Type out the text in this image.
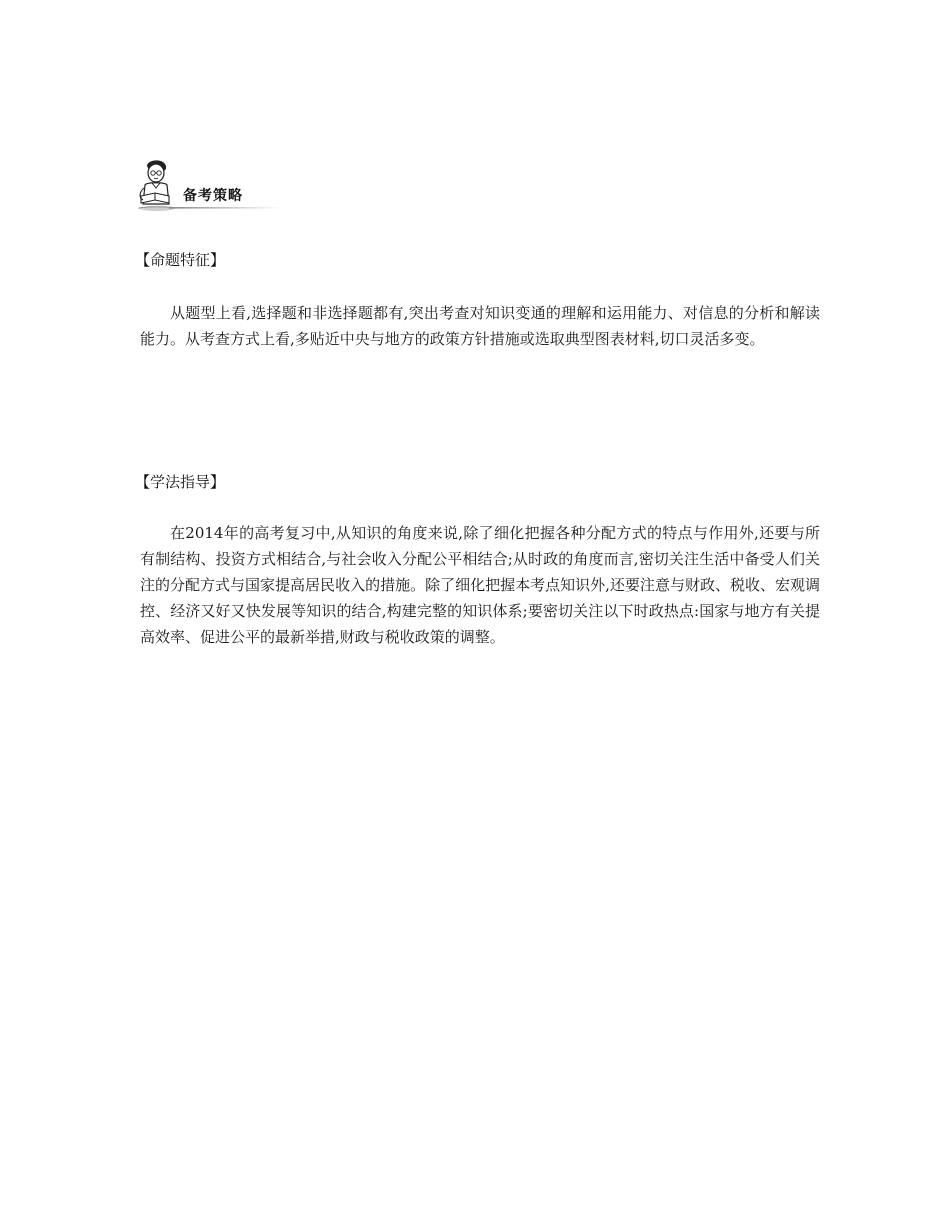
备考策略
【命题特征】
从题型上看,选择题和非选择题都有,突出考查对知识变通的理解和运用能力、对信息的分析和解读能力。从考查方式上看,多贴近中央与地方的政策方针措施或选取典型图表材料,切口灵活多变。
【学法指导】
在2014年的高考复习中,从知识的角度来说,除了细化把握各种分配方式的特点与作用外,还要与所有制结构、投资方式相结合,与社会收入分配公平相结合;从时政的角度而言,密切关注生活中备受人们关注的分配方式与国家提高居民收入的措施。除了细化把握本考点知识外,还要注意与财政、税收、宏观调控、经济又好又快发展等知识的结合,构建完整的知识体系;要密切关注以下时政热点:国家与地方有关提高效率、促进公平的最新举措,财政与税收政策的调整。
